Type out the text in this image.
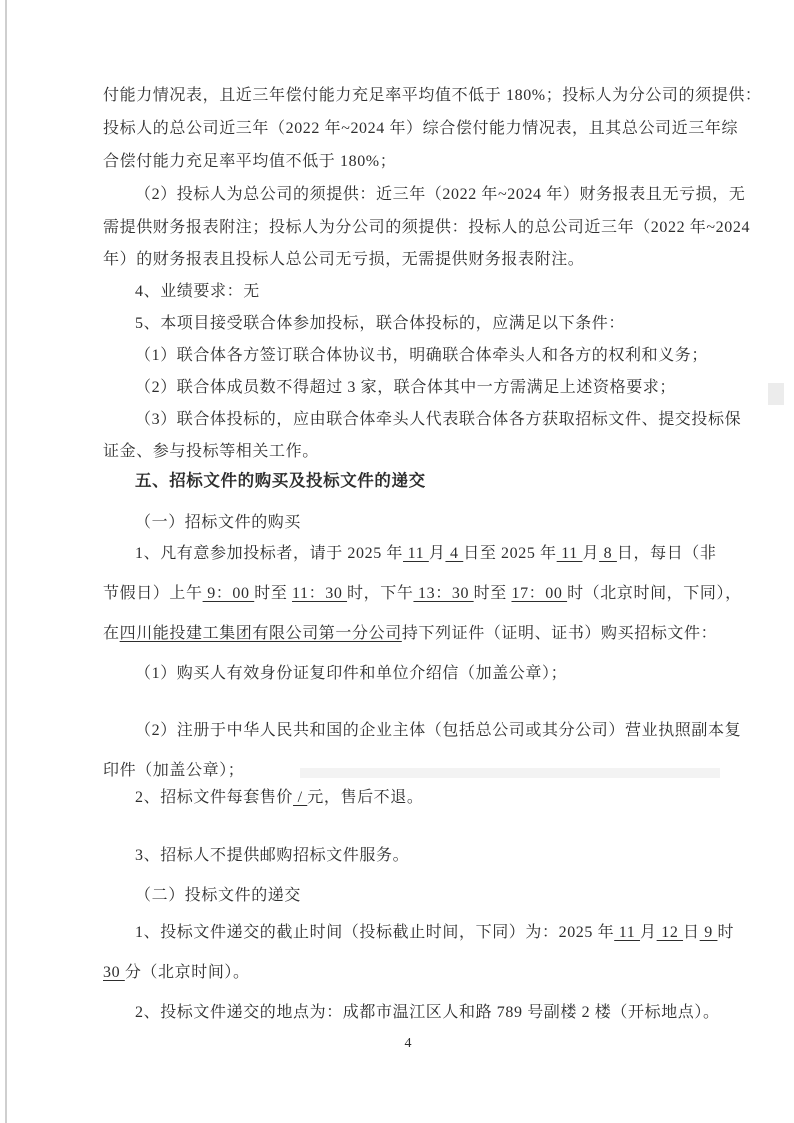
付能力情况表，且近三年偿付能力充足率平均值不低于 180%；投标人为分公司的须提供：
投标人的总公司近三年（2022 年~2024 年）综合偿付能力情况表，且其总公司近三年综
合偿付能力充足率平均值不低于 180%；
（2）投标人为总公司的须提供：近三年（2022 年~2024 年）财务报表且无亏损，无
需提供财务报表附注；投标人为分公司的须提供：投标人的总公司近三年（2022 年~2024
年）的财务报表且投标人总公司无亏损，无需提供财务报表附注。
4、业绩要求：无
5、本项目接受联合体参加投标，联合体投标的，应满足以下条件：
（1）联合体各方签订联合体协议书，明确联合体牵头人和各方的权利和义务；
（2）联合体成员数不得超过 3 家，联合体其中一方需满足上述资格要求；
（3）联合体投标的，应由联合体牵头人代表联合体各方获取招标文件、提交投标保
证金、参与投标等相关工作。
五、招标文件的购买及投标文件的递交
（一）招标文件的购买
1、凡有意参加投标者，请于 2025 年 11 月 4 日至 2025 年 11 月 8 日，每日（非
节假日）上午 9：00 时至 11：30 时，下午 13：30 时至 17：00 时（北京时间，下同），
在四川能投建工集团有限公司第一分公司持下列证件（证明、证书）购买招标文件：
（1）购买人有效身份证复印件和单位介绍信（加盖公章）；
（2）注册于中华人民共和国的企业主体（包括总公司或其分公司）营业执照副本复
印件（加盖公章）；
2、招标文件每套售价 / 元，售后不退。
3、招标人不提供邮购招标文件服务。
（二）投标文件的递交
1、投标文件递交的截止时间（投标截止时间，下同）为：2025 年 11 月 12 日 9 时
30 分（北京时间）。
2、投标文件递交的地点为：成都市温江区人和路 789 号副楼 2 楼（开标地点）。
4
